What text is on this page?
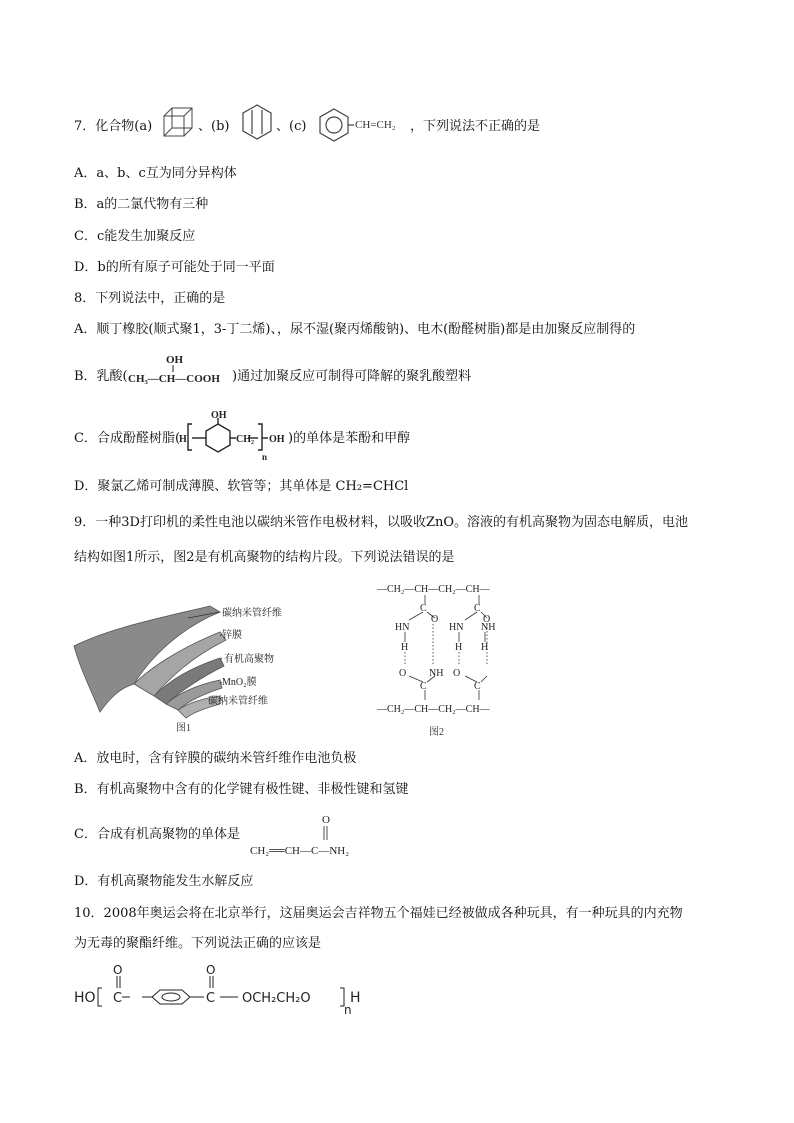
7．化合物(a)	、(b)	、(c)	CH=CH₂ ，下列说法不正确的是
A．a、b、c互为同分异构体
B．a的二氯代物有三种
C．c能发生加聚反应
D．b的所有原子可能处于同一平面
8．下列说法中，正确的是
A．顺丁橡胶(顺式聚1，3-丁二烯)、，尿不湿(聚丙烯酸钠)、电木(酚醛树脂)都是由加聚反应制得的
B．乳酸(
OH
CH₃—CH—COOH )通过加聚反应可制得可降解的聚乳酸塑料
C．合成酚醛树脂(
H
OH
CH₂ OH
n
)的单体是苯酚和甲醇
D．聚氯乙烯可制成薄膜、软管等；其单体是 CH₂=CHCl
9．一种3D打印机的柔性电池以碳纳米管作电极材料，以吸收ZnO。溶液的有机高聚物为固态电解质，电池
结构如图1所示，图2是有机高聚物的结构片段。下列说法错误的是
碳纳米管纤维
锌膜
有机高聚物
MnO₂膜
碳纳米管纤维
图1
—CH₂—CH—CH₂—CH—
—CH₂—CH—CH₂—CH—
C	C
C	C
O	O
O	O
HN	HN
NH
NH
H	H H
图2
A．放电时，含有锌膜的碳纳米管纤维作电池负极
B．有机高聚物中含有的化学键有极性键、非极性键和氢键
C．合成有机高聚物的单体是
O
CH₂══CH—C—NH₂
D．有机高聚物能发生水解反应
10．2008年奥运会将在北京举行，这届奥运会吉祥物五个福娃已经被做成各种玩具，有一种玩具的内充物
为无毒的聚酯纤维。下列说法正确的应该是
HO C
O
C
O
OCH₂CH₂O
n
H
